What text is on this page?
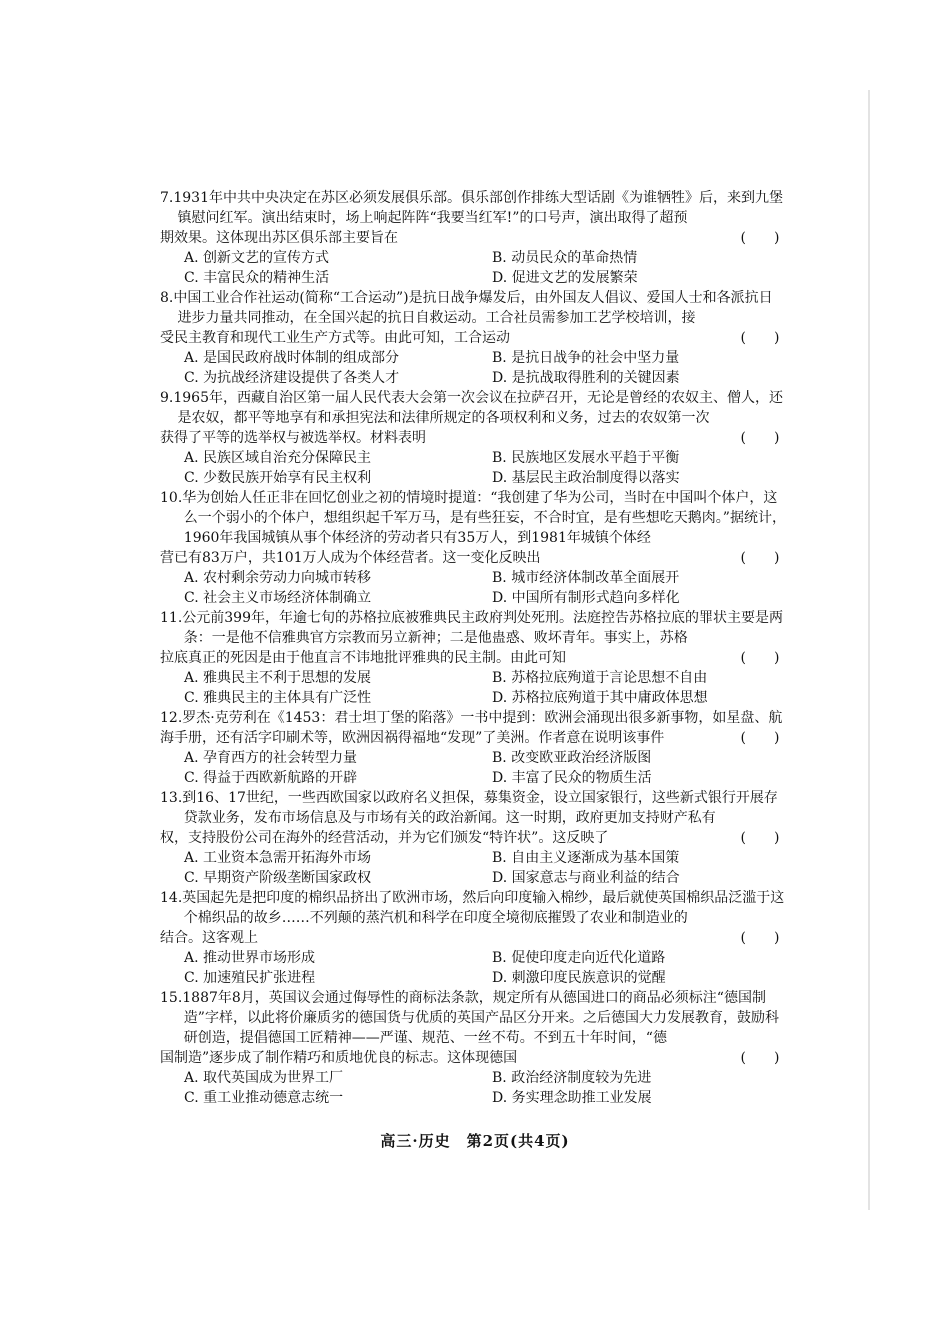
7.1931年中共中央决定在苏区必须发展俱乐部。俱乐部创作排练大型话剧《为谁牺牲》后，来到九堡镇慰问红军。演出结束时，场上响起阵阵“我要当红军!”的口号声，演出取得了超预
期效果。这体现出苏区俱乐部主要旨在	(　　)
A. 创新文艺的宣传方式	B. 动员民众的革命热情
C. 丰富民众的精神生活	D. 促进文艺的发展繁荣
8.中国工业合作社运动(简称“工合运动”)是抗日战争爆发后，由外国友人倡议、爱国人士和各派抗日进步力量共同推动，在全国兴起的抗日自救运动。工合社员需参加工艺学校培训，接
受民主教育和现代工业生产方式等。由此可知，工合运动	(　　)
A. 是国民政府战时体制的组成部分	B. 是抗日战争的社会中坚力量
C. 为抗战经济建设提供了各类人才	D. 是抗战取得胜利的关键因素
9.1965年，西藏自治区第一届人民代表大会第一次会议在拉萨召开，无论是曾经的农奴主、僧人，还是农奴，都平等地享有和承担宪法和法律所规定的各项权利和义务，过去的农奴第一次
获得了平等的选举权与被选举权。材料表明	(　　)
A. 民族区域自治充分保障民主	B. 民族地区发展水平趋于平衡
C. 少数民族开始享有民主权利	D. 基层民主政治制度得以落实
10.华为创始人任正非在回忆创业之初的情境时提道：“我创建了华为公司，当时在中国叫个体户，这么一个弱小的个体户，想组织起千军万马，是有些狂妄，不合时宜，是有些想吃天鹅肉。”据统计，1960年我国城镇从事个体经济的劳动者只有35万人，到1981年城镇个体经
营已有83万户，共101万人成为个体经营者。这一变化反映出	(　　)
A. 农村剩余劳动力向城市转移	B. 城市经济体制改革全面展开
C. 社会主义市场经济体制确立	D. 中国所有制形式趋向多样化
11.公元前399年，年逾七旬的苏格拉底被雅典民主政府判处死刑。法庭控告苏格拉底的罪状主要是两条：一是他不信雅典官方宗教而另立新神；二是他蛊惑、败坏青年。事实上，苏格
拉底真正的死因是由于他直言不讳地批评雅典的民主制。由此可知	(　　)
A. 雅典民主不利于思想的发展	B. 苏格拉底殉道于言论思想不自由
C. 雅典民主的主体具有广泛性	D. 苏格拉底殉道于其中庸政体思想
12.罗杰·克劳利在《1453：君士坦丁堡的陷落》一书中提到：欧洲会涌现出很多新事物，如星盘、航
海手册，还有活字印刷术等，欧洲因祸得福地“发现”了美洲。作者意在说明该事件	(　　)
A. 孕育西方的社会转型力量	B. 改变欧亚政治经济版图
C. 得益于西欧新航路的开辟	D. 丰富了民众的物质生活
13.到16、17世纪，一些西欧国家以政府名义担保，募集资金，设立国家银行，这些新式银行开展存贷款业务，发布市场信息及与市场有关的政治新闻。这一时期，政府更加支持财产私有
权，支持股份公司在海外的经营活动，并为它们颁发“特许状”。这反映了	(　　)
A. 工业资本急需开拓海外市场	B. 自由主义逐渐成为基本国策
C. 早期资产阶级垄断国家政权	D. 国家意志与商业利益的结合
14.英国起先是把印度的棉织品挤出了欧洲市场，然后向印度输入棉纱，最后就使英国棉织品泛滥于这个棉织品的故乡……不列颠的蒸汽机和科学在印度全境彻底摧毁了农业和制造业的
结合。这客观上	(　　)
A. 推动世界市场形成	B. 促使印度走向近代化道路
C. 加速殖民扩张进程	D. 刺激印度民族意识的觉醒
15.1887年8月，英国议会通过侮辱性的商标法条款，规定所有从德国进口的商品必须标注“德国制造”字样，以此将价廉质劣的德国货与优质的英国产品区分开来。之后德国大力发展教育，鼓励科研创造，提倡德国工匠精神——严谨、规范、一丝不苟。不到五十年时间，“德
国制造”逐步成了制作精巧和质地优良的标志。这体现德国	(　　)
A. 取代英国成为世界工厂	B. 政治经济制度较为先进
C. 重工业推动德意志统一	D. 务实理念助推工业发展
高三·历史　第2页(共4页)
